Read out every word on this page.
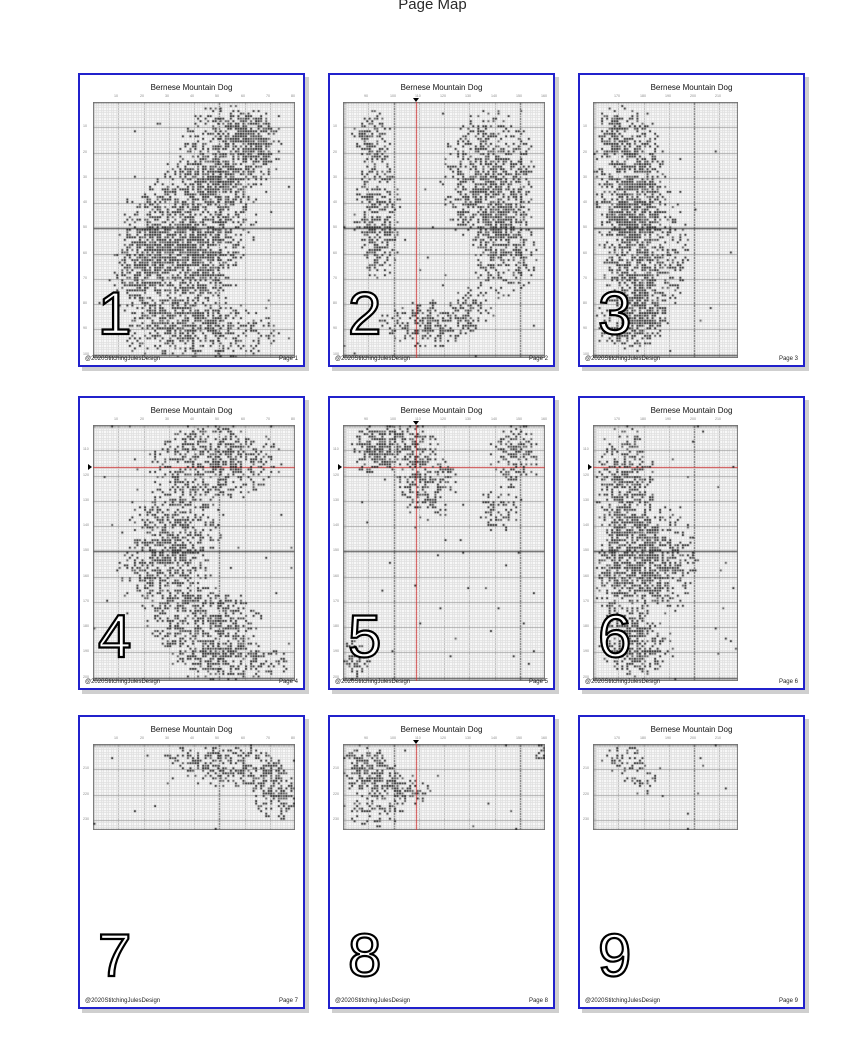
Page Map
Bernese Mountain Dog
10	20	30	40	50	60	70	80
10
20
30
40
50
60
70
80
90
100
1
@2020StitchingJulesDesign	Page 1
Bernese Mountain Dog
90	100 110 120 130 140 150 160
10
20
30
40
50
60
70
80
90
100
2
@2020StitchingJulesDesign	Page 2
Bernese Mountain Dog
170 180 190 200 210
10
20
30
40
50
60
70
80
90
100
3
@2020StitchingJulesDesign	Page 3
Bernese Mountain Dog
10	20	30	40	50	60	70	80
110
120
130
140
150
160
170
180
190
200
4
@2020StitchingJulesDesign	Page 4
Bernese Mountain Dog
90	100 110 120 130 140 150 160
110
120
130
140
150
160
170
180
190
200
5
@2020StitchingJulesDesign	Page 5
Bernese Mountain Dog
170 180 190 200 210
110
120
130
140
150
160
170
180
190
200
6
@2020StitchingJulesDesign	Page 6
Bernese Mountain Dog
10	20	30	40	50	60	70	80
210
220
230
7
@2020StitchingJulesDesign	Page 7
Bernese Mountain Dog
90	100 110 120 130 140 150 160
210
220
230
8
@2020StitchingJulesDesign	Page 8
Bernese Mountain Dog
170 180 190 200 210
210
220
230
9
@2020StitchingJulesDesign	Page 9
